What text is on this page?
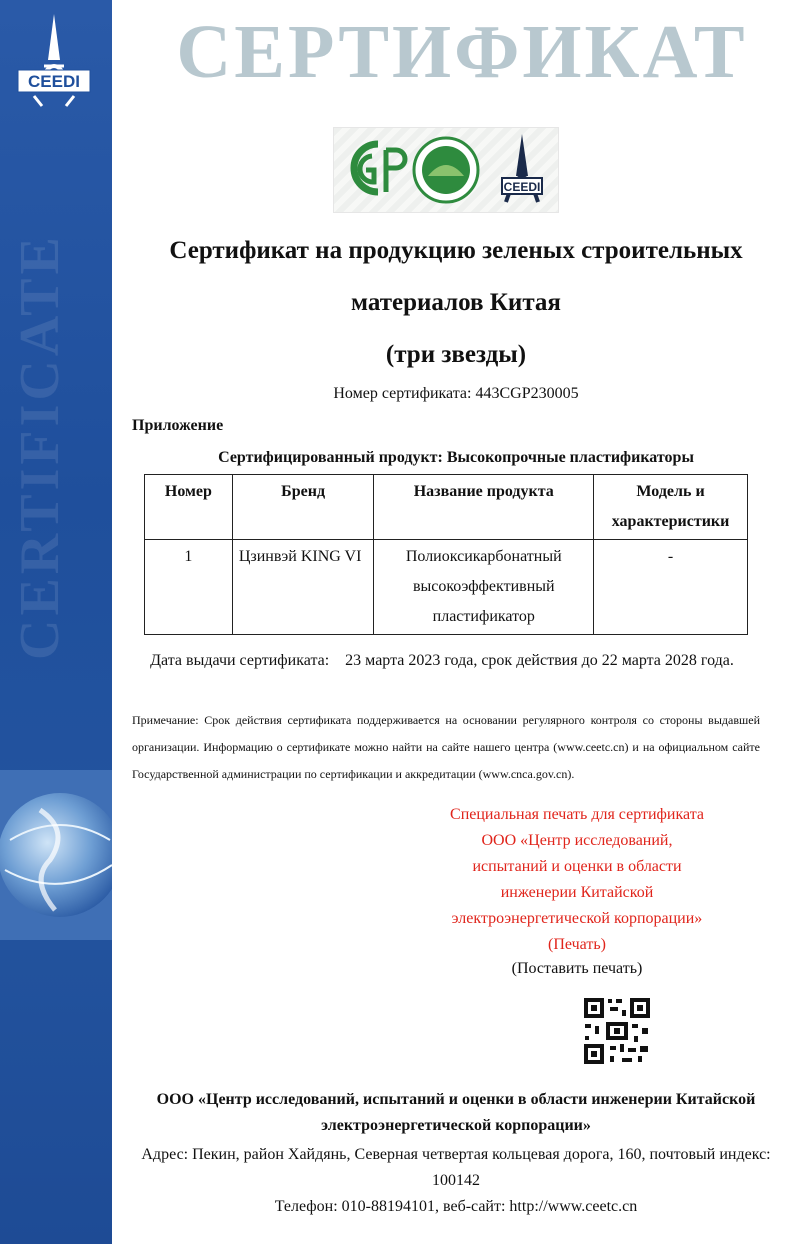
CERTIFICATE
CEEDI	СЕРТИФИКАТ
CEEDI
Сертификат на продукцию зеленых строительных
материалов Китая
(три звезды)
Номер сертификата: 443CGP230005
Приложение
Сертифицированный продукт: Высокопрочные пластификаторы
Номер	Бренд	Название продукта	Модель и характеристики
1	Цзинвэй KING VI	Полиоксикарбонатный высокоэффективный пластификатор	-
Дата выдачи сертификата:    23 марта 2023 года, срок действия до 22 марта 2028 года.
Примечание: Срок действия сертификата поддерживается на основании регулярного контроля со стороны выдавшей организации. Информацию о сертификате можно найти на сайте нашего центра (www.ceetc.cn) и на официальном сайте Государственной администрации по сертификации и аккредитации (www.cnca.gov.cn).
Специальная печать для сертификата
ООО «Центр исследований,
испытаний и оценки в области
инженерии Китайской
электроэнергетической корпорации»
(Печать)
(Поставить печать)
ООО «Центр исследований, испытаний и оценки в области инженерии Китайской электроэнергетической корпорации»
Адрес: Пекин, район Хайдянь, Северная четвертая кольцевая дорога, 160, почтовый индекс: 100142
Телефон: 010-88194101, веб-сайт: http://www.ceetc.cn
